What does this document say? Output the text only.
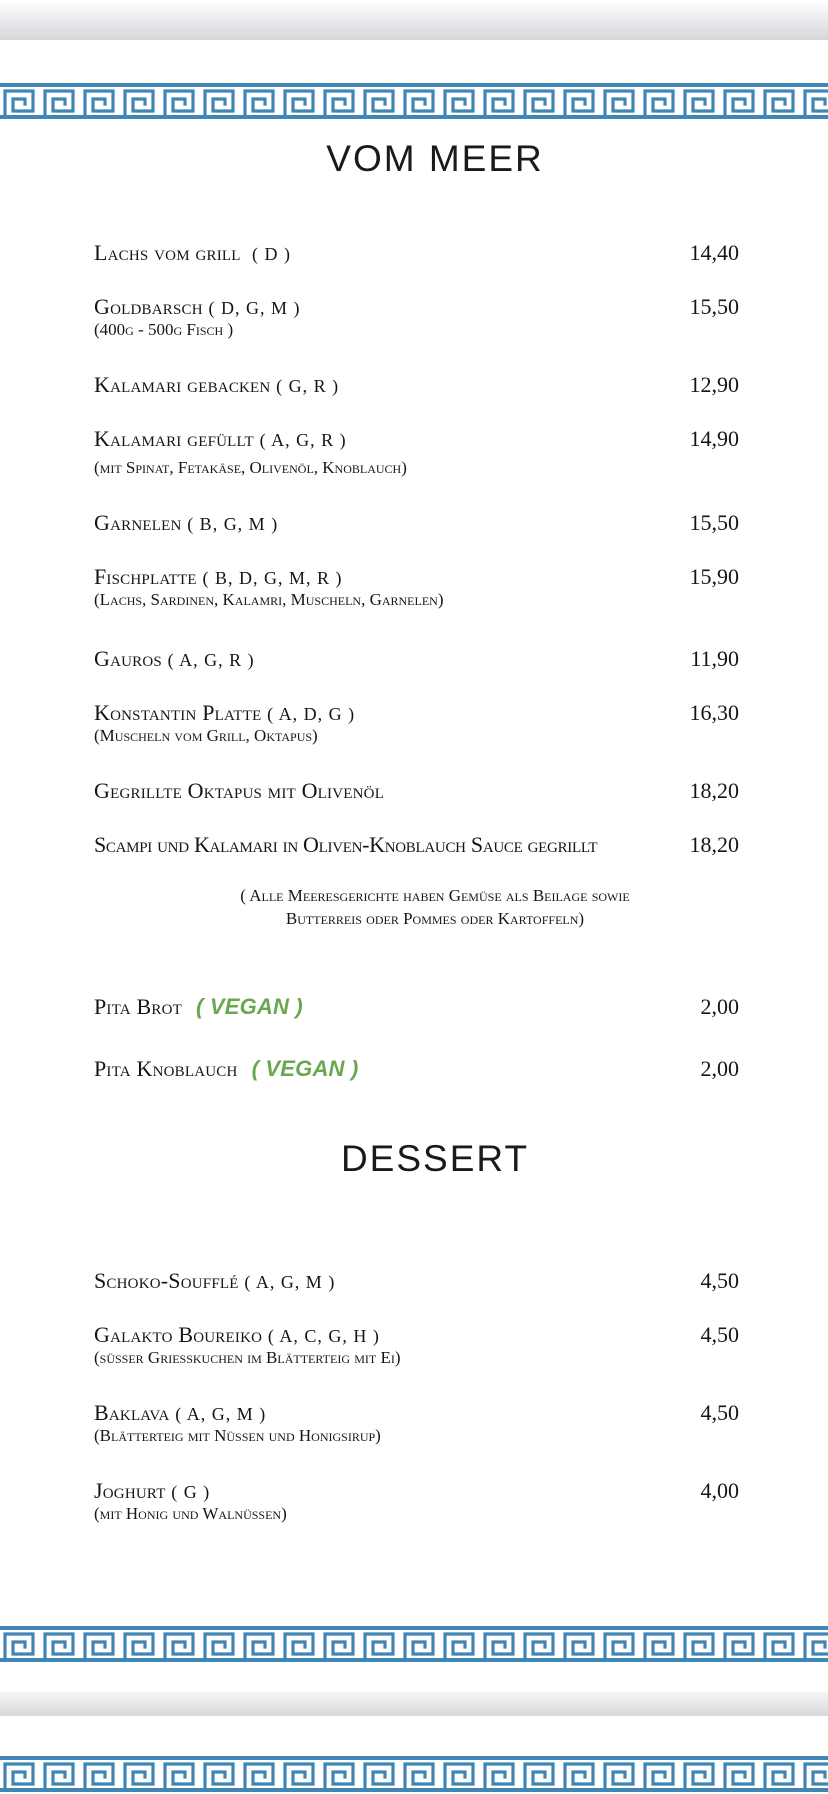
VOM MEER
Lachs vom grill ( D )	14,40
Goldbarsch ( D, G, M )	15,50
(400g - 500g Fisch )
Kalamari gebacken ( G, R )	12,90
Kalamari gefüllt ( A, G, R )	14,90
(mit Spinat, Fetakäse, Olivenöl, Knoblauch)
Garnelen ( B, G, M )	15,50
Fischplatte ( B, D, G, M, R )	15,90
(Lachs, Sardinen, Kalamri, Muscheln, Garnelen)
Gauros ( A, G, R )	11,90
Konstantin Platte ( A, D, G )	16,30
(Muscheln vom Grill, Oktapus)
Gegrillte Oktapus mit Olivenöl	18,20
Scampi und Kalamari in Oliven-Knoblauch Sauce gegrillt	18,20
( Alle Meeresgerichte haben Gemüse als Beilage sowie
Butterreis oder Pommes oder Kartoffeln)
Pita Brot ( VEGAN )	2,00
Pita Knoblauch ( VEGAN )	2,00
DESSERT
Schoko-Soufflé ( A, G, M )	4,50
Galakto Boureiko ( A, C, G, H )	4,50
(süsser Griesskuchen im Blätterteig mit Ei)
Baklava ( A, G, M )	4,50
(Blätterteig mit Nüssen und Honigsirup)
Joghurt ( G )	4,00
(mit Honig und Walnüssen)
